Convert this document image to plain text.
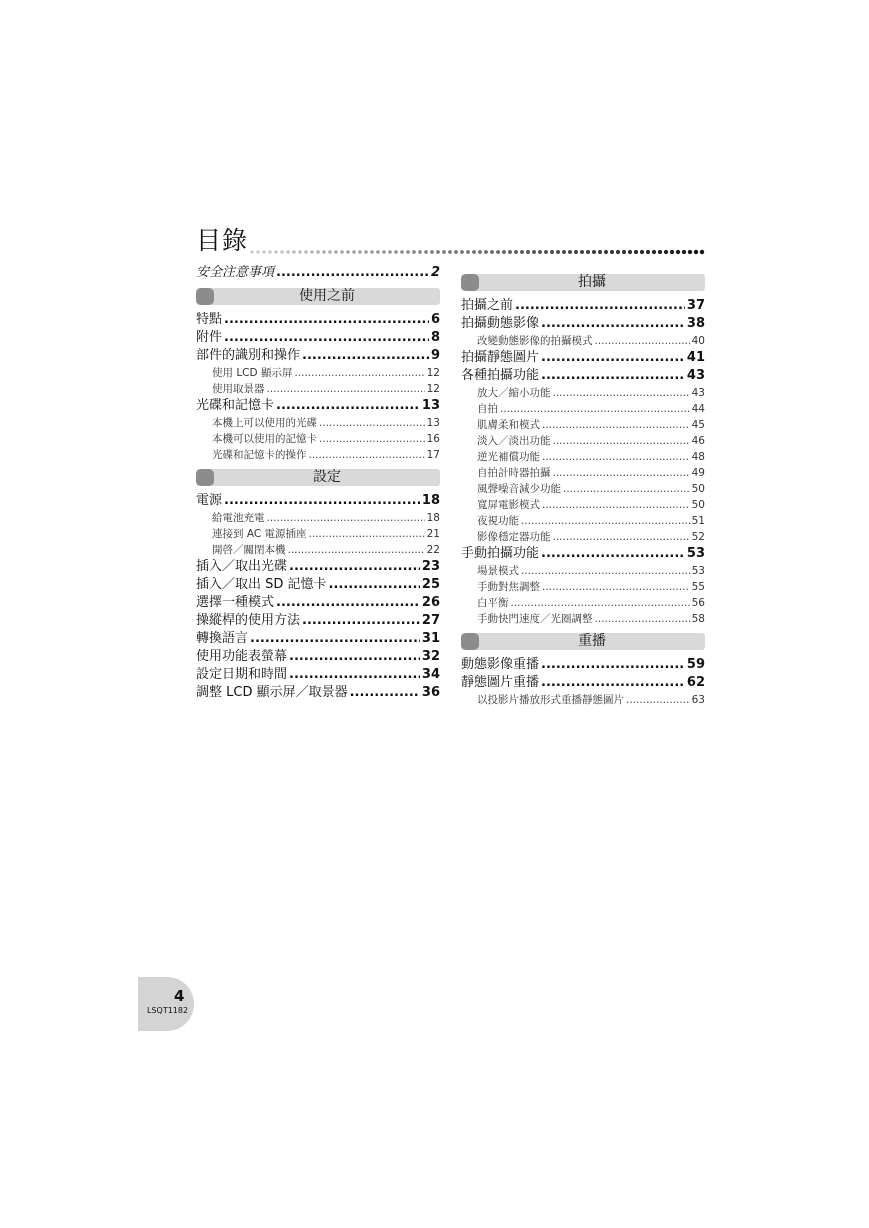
目錄
安全注意事項 .....	2
使用之前
特點 .....	6
附件 .....	8
部件的識別和操作 .....	9
使用 LCD 顯示屏 .....	12
使用取景器 .....	12
光碟和記憶卡 .....	13
本機上可以使用的光碟 .....	13
本機可以使用的記憶卡 .....	16
光碟和記憶卡的操作 .....	17
設定
電源 .....	18
給電池充電 .....	18
連接到 AC 電源插座 .....	21
開啓／關閉本機 .....	22
插入／取出光碟 .....	23
插入／取出 SD 記憶卡 .....	25
選擇一種模式 .....	26
操縱桿的使用方法 .....	27
轉換語言 .....	31
使用功能表螢幕 .....	32
設定日期和時間 .....	34
調整 LCD 顯示屏／取景器 .....	36
拍攝
拍攝之前 .....	37
拍攝動態影像 .....	38
改變動態影像的拍攝模式 .....	40
拍攝靜態圖片 .....	41
各種拍攝功能 .....	43
放大／縮小功能 .....	43
自拍 .....	44
肌膚柔和模式 .....	45
淡入／淡出功能 .....	46
逆光補償功能 .....	48
自拍計時器拍攝 .....	49
風聲噪音減少功能 .....	50
寬屏電影模式 .....	50
夜視功能 .....	51
影像穩定器功能 .....	52
手動拍攝功能 .....	53
場景模式 .....	53
手動對焦調整 .....	55
白平衡 .....	56
手動快門速度／光圈調整 .....	58
重播
動態影像重播 .....	59
靜態圖片重播 .....	62
以投影片播放形式重播靜態圖片 .....	63
4
LSQT1182
